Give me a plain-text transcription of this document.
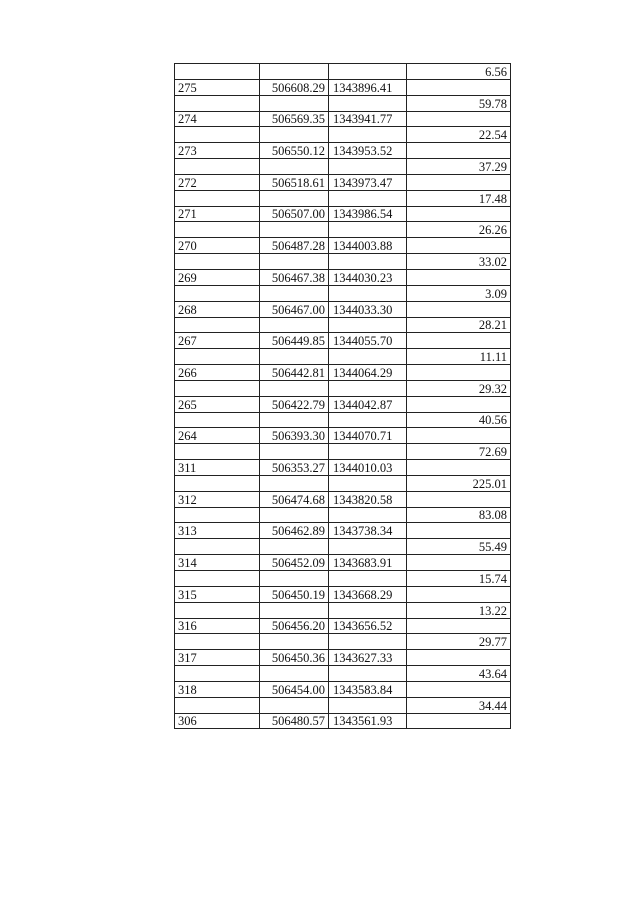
			6.56
275	506608.29	1343896.41	
			59.78
274	506569.35	1343941.77	
			22.54
273	506550.12	1343953.52	
			37.29
272	506518.61	1343973.47	
			17.48
271	506507.00	1343986.54	
			26.26
270	506487.28	1344003.88	
			33.02
269	506467.38	1344030.23	
			3.09
268	506467.00	1344033.30	
			28.21
267	506449.85	1344055.70	
			11.11
266	506442.81	1344064.29	
			29.32
265	506422.79	1344042.87	
			40.56
264	506393.30	1344070.71	
			72.69
311	506353.27	1344010.03	
			225.01
312	506474.68	1343820.58	
			83.08
313	506462.89	1343738.34	
			55.49
314	506452.09	1343683.91	
			15.74
315	506450.19	1343668.29	
			13.22
316	506456.20	1343656.52	
			29.77
317	506450.36	1343627.33	
			43.64
318	506454.00	1343583.84	
			34.44
306	506480.57	1343561.93	
